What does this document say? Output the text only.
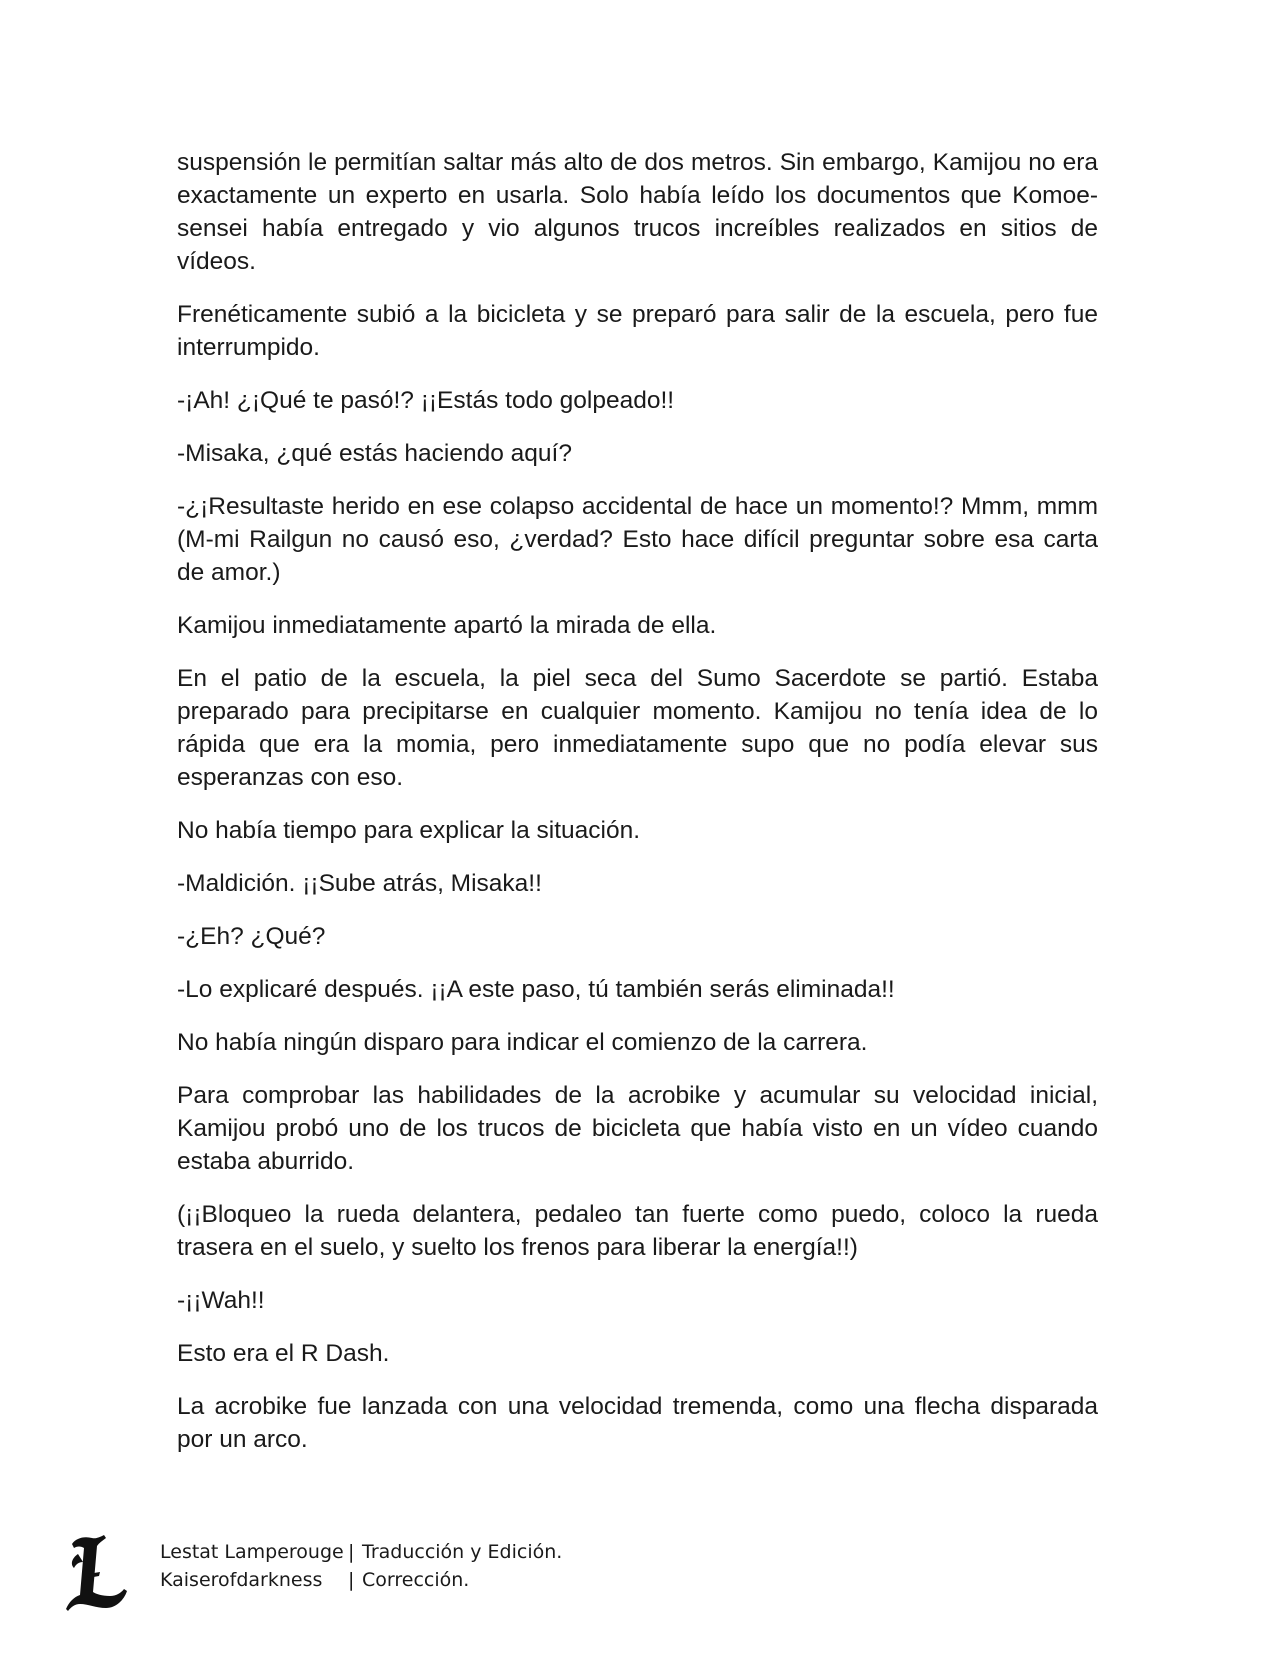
suspensión le permitían saltar más alto de dos metros. Sin embargo, Kamijou no era exactamente un experto en usarla. Solo había leído los documentos que Komoe-sensei había entregado y vio algunos trucos increíbles realizados en sitios de vídeos.

Frenéticamente subió a la bicicleta y se preparó para salir de la escuela, pero fue interrumpido.

-¡Ah! ¿¡Qué te pasó!? ¡¡Estás todo golpeado!!

-Misaka, ¿qué estás haciendo aquí?

-¿¡Resultaste herido en ese colapso accidental de hace un momento!? Mmm, mmm (M-mi Railgun no causó eso, ¿verdad? Esto hace difícil preguntar sobre esa carta de amor.)

Kamijou inmediatamente apartó la mirada de ella.

En el patio de la escuela, la piel seca del Sumo Sacerdote se partió. Estaba preparado para precipitarse en cualquier momento. Kamijou no tenía idea de lo rápida que era la momia, pero inmediatamente supo que no podía elevar sus esperanzas con eso.

No había tiempo para explicar la situación.

-Maldición. ¡¡Sube atrás, Misaka!!

-¿Eh? ¿Qué?

-Lo explicaré después. ¡¡A este paso, tú también serás eliminada!!

No había ningún disparo para indicar el comienzo de la carrera.

Para comprobar las habilidades de la acrobike y acumular su velocidad inicial, Kamijou probó uno de los trucos de bicicleta que había visto en un vídeo cuando estaba aburrido.

(¡¡Bloqueo la rueda delantera, pedaleo tan fuerte como puedo, coloco la rueda trasera en el suelo, y suelto los frenos para liberar la energía!!)

-¡¡Wah!!

Esto era el R Dash.

La acrobike fue lanzada con una velocidad tremenda, como una flecha disparada por un arco.

Lestat Lamperouge | Traducción y Edición.
Kaiserofdarkness	| Corrección.
